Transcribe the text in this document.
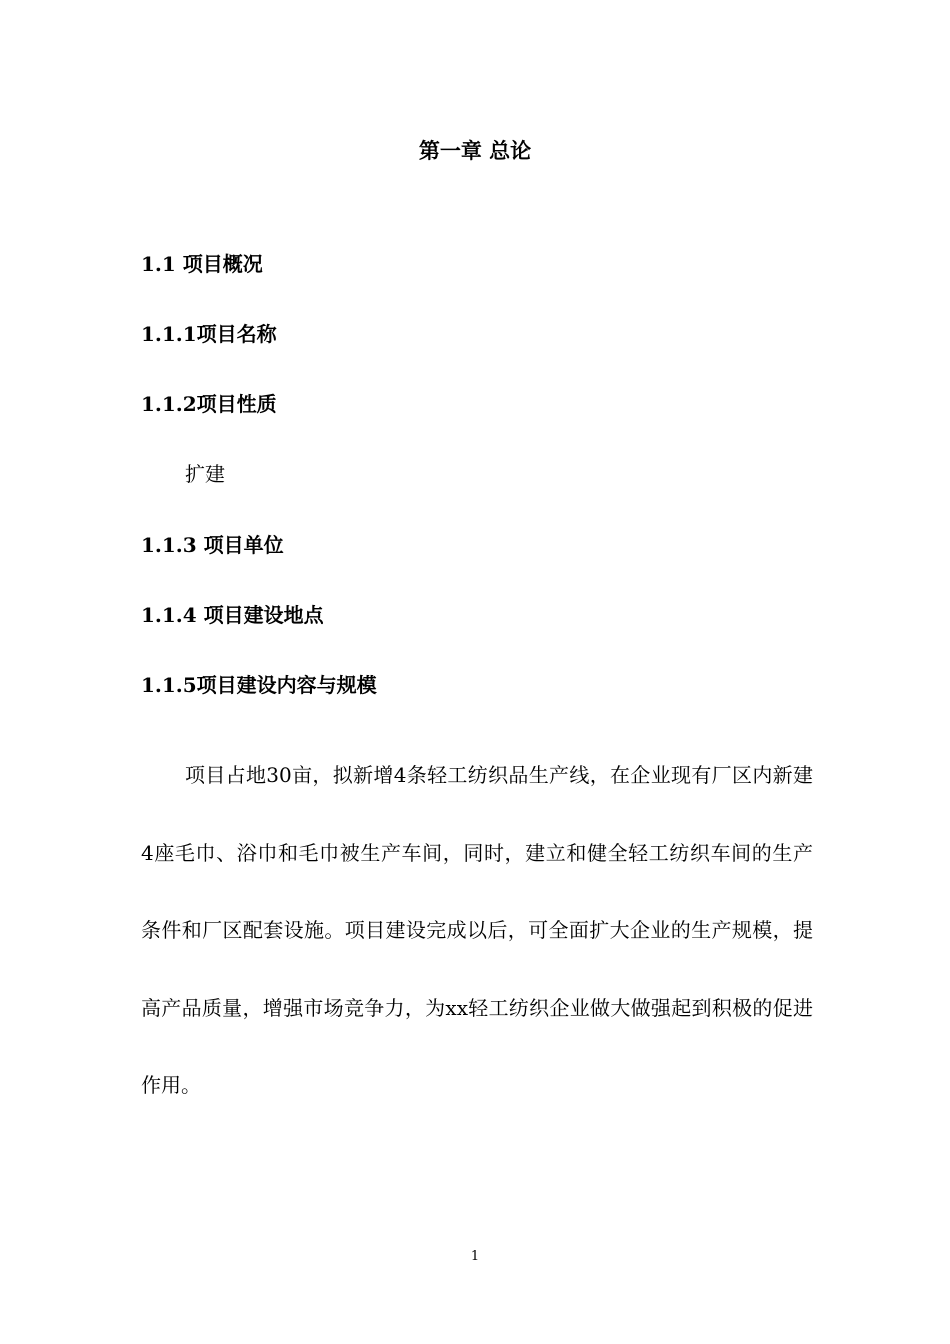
第一章 总论
1.1 项目概况
1.1.1项目名称
1.1.2项目性质

扩建

1.1.3 项目单位
1.1.4 项目建设地点
1.1.5项目建设内容与规模

项目占地30亩，拟新增4条轻工纺织品生产线，在企业现有厂区内新建4座毛巾、浴巾和毛巾被生产车间，同时，建立和健全轻工纺织车间的生产条件和厂区配套设施。项目建设完成以后，可全面扩大企业的生产规模，提高产品质量，增强市场竞争力，为xx轻工纺织企业做大做强起到积极的促进作用。

1
